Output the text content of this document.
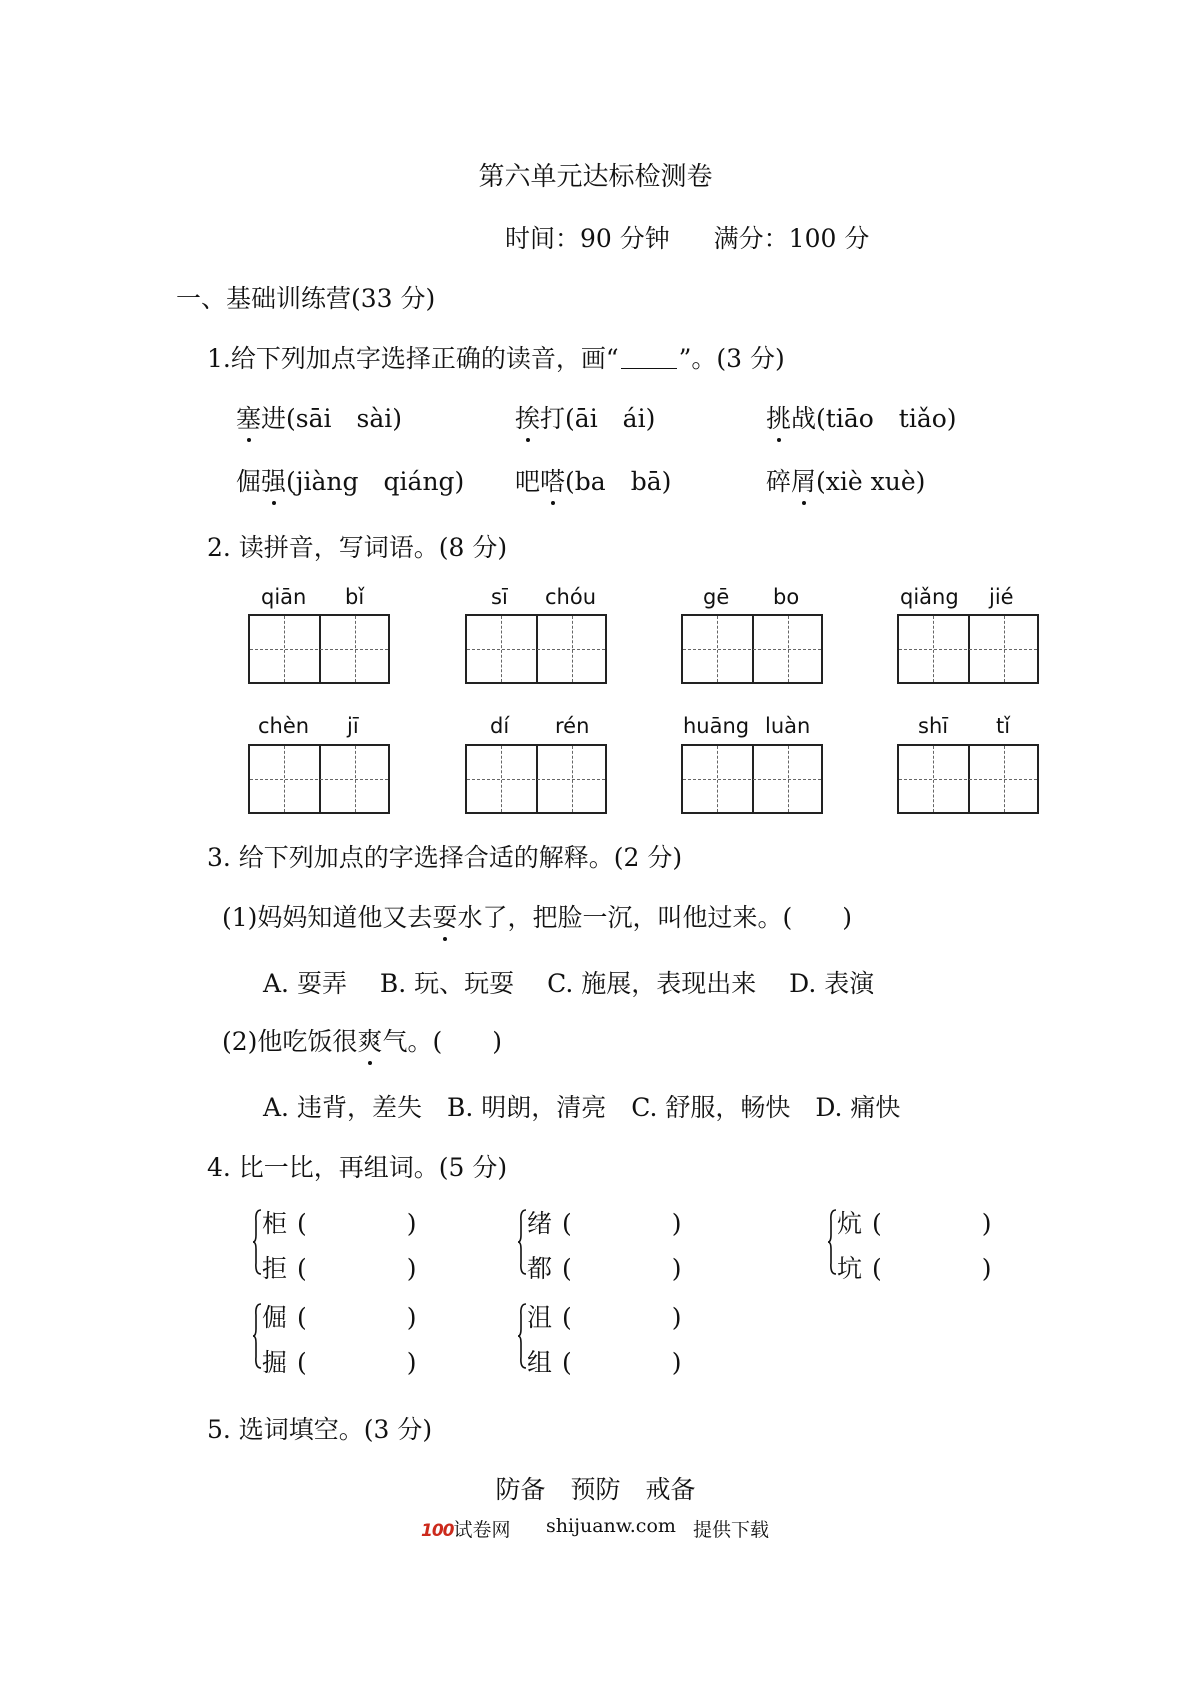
第六单元达标检测卷
时间：90 分钟 满分：100 分
一、基础训练营(33 分)
1.给下列加点字选择正确的读音，画“ ”。(3 分)
塞进(sāi　sài)	挨打(āi　ái)	挑战(tiāo　tiǎo)
倔强(jiàng　qiáng) 吧嗒(ba　bā)	碎屑(xiè xuè)
2. 读拼音，写词语。(8 分)
qiān bǐ	sī chóu	gē bo	qiǎng jié
chèn jī	dí rén	huāng luàn	shī tǐ
3. 给下列加点的字选择合适的解释。(2 分)
(1)妈妈知道他又去耍水了，把脸一沉，叫他过来。(　　)
A. 耍弄　 B. 玩、玩耍　 C. 施展，表现出来　 D. 表演
(2)他吃饭很爽气。(　　)
A. 违背，差失　B. 明朗，清亮　C. 舒服，畅快　D. 痛快
4. 比一比，再组词。(5 分)
柜 (　　　　)
拒 (　　　　)
绪 (　　　　)
都 (　　　　)
炕 (　　　　)
坑 (　　　　)
倔 (　　　　)
掘 (　　　　)
沮 (　　　　)
组 (　　　　)
5. 选词填空。(3 分)
防备　预防　戒备
100试卷网 shijuanw.com 提供下载
